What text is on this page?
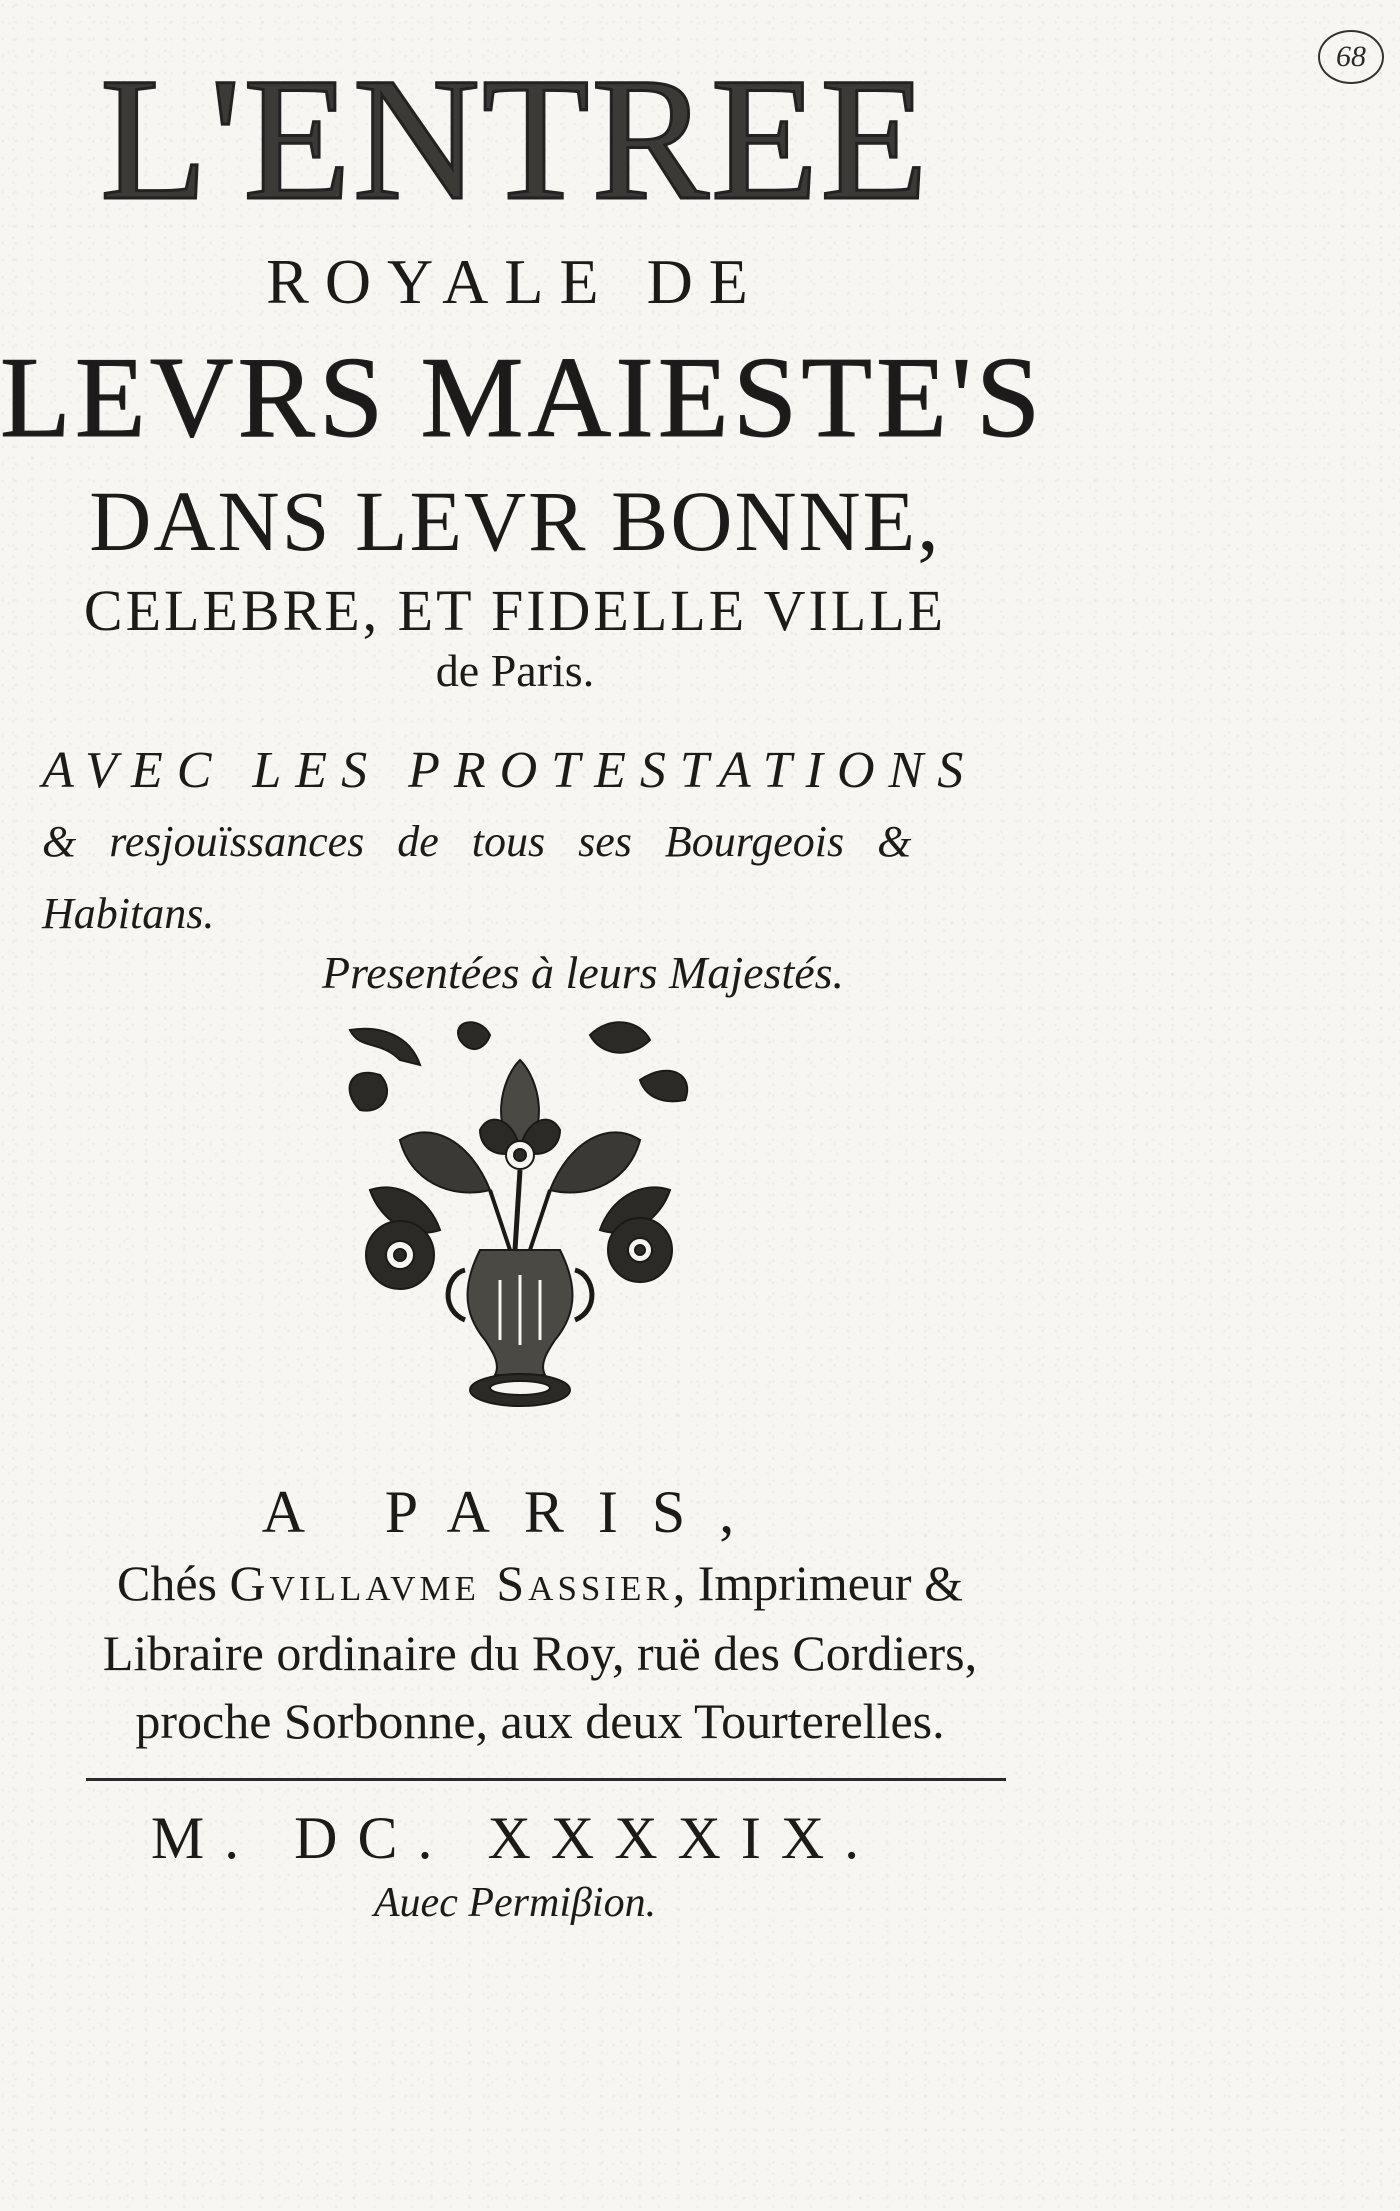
68
L'ENTREE
ROYALE DE
LEVRS MAIESTE'S
DANS LEVR BONNE,
CELEBRE, ET FIDELLE VILLE
de Paris.
AVEC LES PROTESTATIONS
& resjouïssances de tous ses Bourgeois &
Habitans.
Presentées à leurs Majestés.
A PARIS,
Chés Gvillavme Sassier, Imprimeur &
Libraire ordinaire du Roy, ruë des Cordiers,
proche Sorbonne, aux deux Tourterelles.
M. DC. XXXXIX.
Auec Permiβion.
